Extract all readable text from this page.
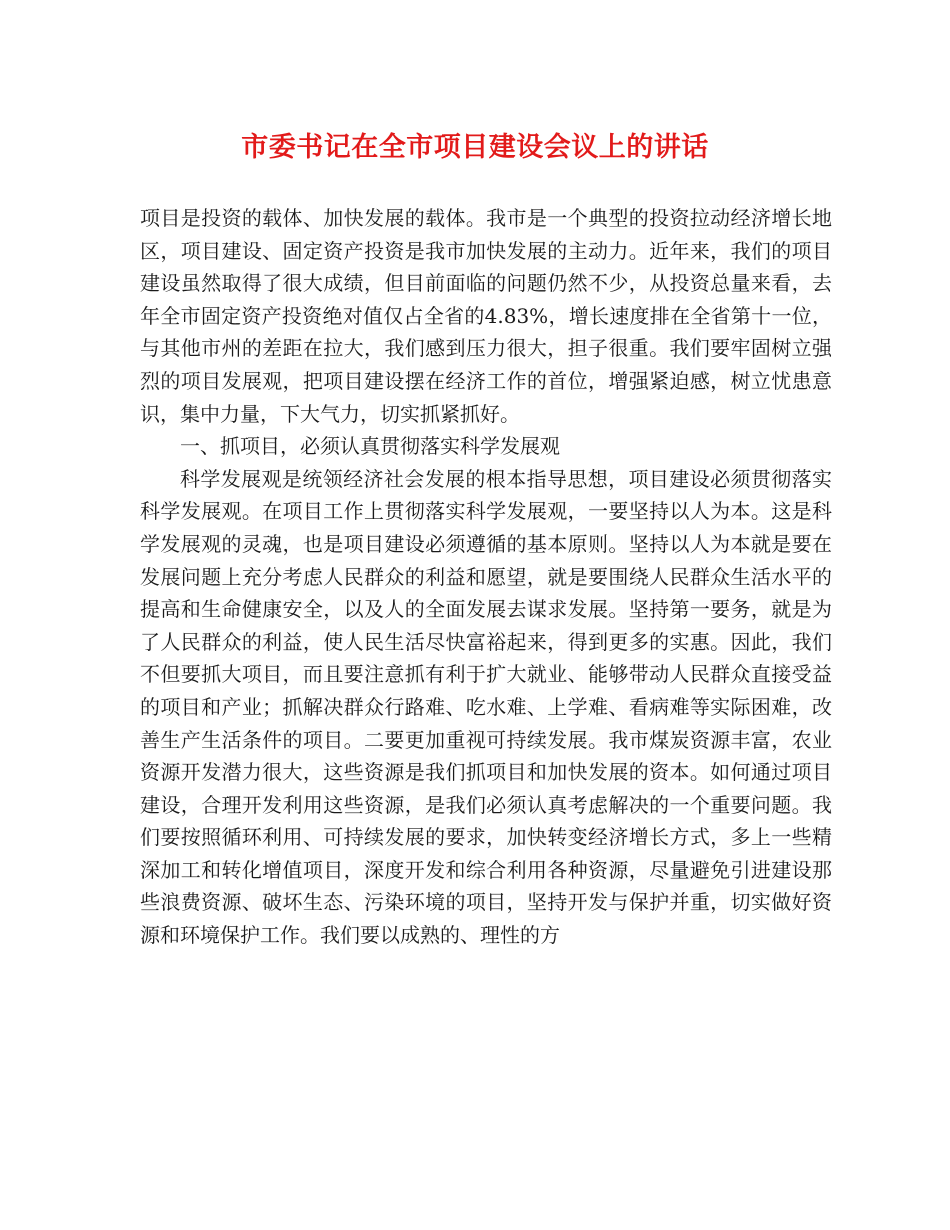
市委书记在全市项目建设会议上的讲话

项目是投资的载体、加快发展的载体。我市是一个典型的投资拉动经济增长地区，项目建设、固定资产投资是我市加快发展的主动力。近年来，我们的项目建设虽然取得了很大成绩，但目前面临的问题仍然不少，从投资总量来看，去年全市固定资产投资绝对值仅占全省的4.83%，增长速度排在全省第十一位，与其他市州的差距在拉大，我们感到压力很大，担子很重。我们要牢固树立强烈的项目发展观，把项目建设摆在经济工作的首位，增强紧迫感，树立忧患意识，集中力量，下大气力，切实抓紧抓好。

一、抓项目，必须认真贯彻落实科学发展观

科学发展观是统领经济社会发展的根本指导思想，项目建设必须贯彻落实科学发展观。在项目工作上贯彻落实科学发展观，一要坚持以人为本。这是科学发展观的灵魂，也是项目建设必须遵循的基本原则。坚持以人为本就是要在发展问题上充分考虑人民群众的利益和愿望，就是要围绕人民群众生活水平的提高和生命健康安全，以及人的全面发展去谋求发展。坚持第一要务，就是为了人民群众的利益，使人民生活尽快富裕起来，得到更多的实惠。因此，我们不但要抓大项目，而且要注意抓有利于扩大就业、能够带动人民群众直接受益的项目和产业；抓解决群众行路难、吃水难、上学难、看病难等实际困难，改善生产生活条件的项目。二要更加重视可持续发展。我市煤炭资源丰富，农业资源开发潜力很大，这些资源是我们抓项目和加快发展的资本。如何通过项目建设，合理开发利用这些资源，是我们必须认真考虑解决的一个重要问题。我们要按照循环利用、可持续发展的要求，加快转变经济增长方式，多上一些精深加工和转化增值项目，深度开发和综合利用各种资源，尽量避免引进建设那些浪费资源、破坏生态、污染环境的项目，坚持开发与保护并重，切实做好资源和环境保护工作。我们要以成熟的、理性的方
